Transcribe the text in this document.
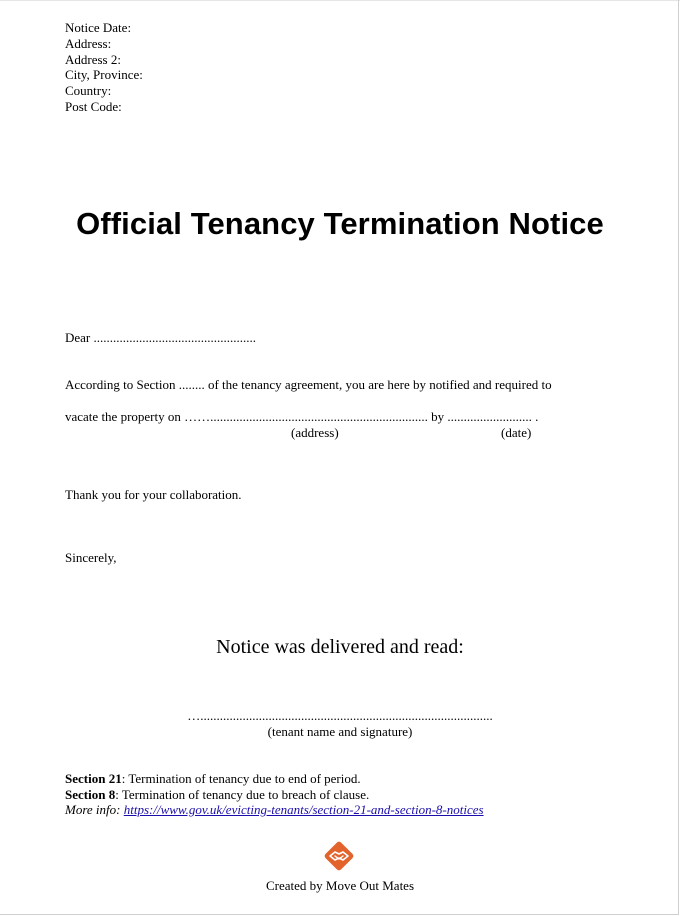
Notice Date:
Address:
Address 2:
City, Province:
Country:
Post Code:
Official Tenancy Termination Notice
Dear ..................................................
According to Section ........ of the tenancy agreement, you are here by notified and required to
vacate the property on ……................................................................... by .......................... .
(address)	(date)
Thank you for your collaboration.
Sincerely,
Notice was delivered and read:
…..........................................................................................
(tenant name and signature)
Section 21: Termination of tenancy due to end of period.
Section 8: Termination of tenancy due to breach of clause.
More info: https://www.gov.uk/evicting-tenants/section-21-and-section-8-notices
Created by Move Out Mates
